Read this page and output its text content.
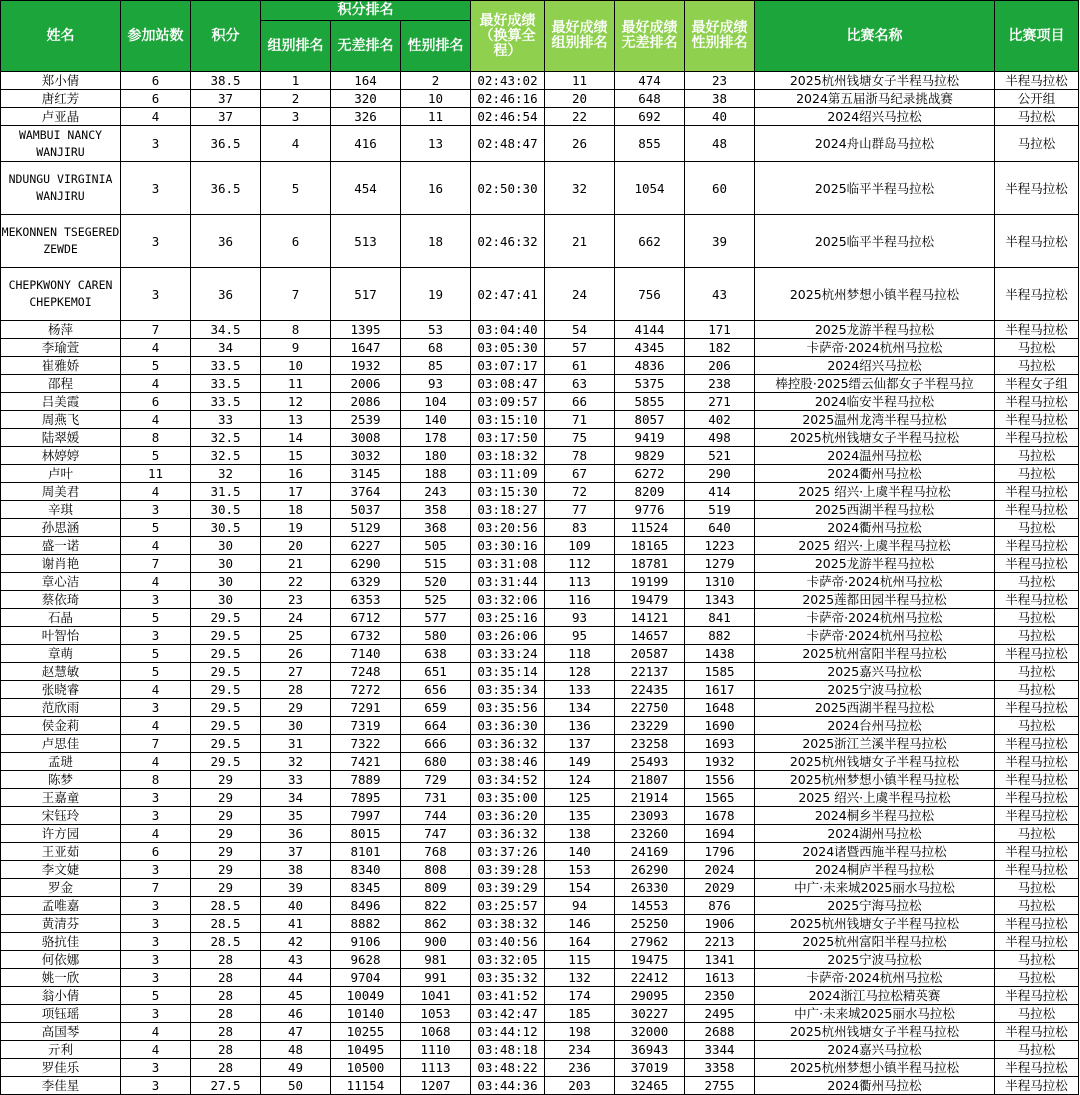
姓名	参加站数	积分	积分排名			最好成绩（换算全程）	最好成绩组别排名	最好成绩无差排名	最好成绩性别排名	比赛名称	比赛项目
			组别排名	无差排名	性别排名						
郑小倩	6	38.5	1	164	2	02:43:02	11	474	23	2025杭州钱塘女子半程马拉松	半程马拉松
唐红芳	6	37	2	320	10	02:46:16	20	648	38	2024第五届浙马纪录挑战赛	公开组
卢亚晶	4	37	3	326	11	02:46:54	22	692	40	2024绍兴马拉松	马拉松
WAMBUI NANCY WANJIRU	3	36.5	4	416	13	02:48:47	26	855	48	2024舟山群岛马拉松	马拉松
NDUNGU VIRGINIA WANJIRU	3	36.5	5	454	16	02:50:30	32	1054	60	2025临平半程马拉松	半程马拉松
MEKONNEN TSEGERED ZEWDE	3	36	6	513	18	02:46:32	21	662	39	2025临平半程马拉松	半程马拉松
CHEPKWONY CAREN CHEPKEMOI	3	36	7	517	19	02:47:41	24	756	43	2025杭州梦想小镇半程马拉松	半程马拉松
杨萍	7	34.5	8	1395	53	03:04:40	54	4144	171	2025龙游半程马拉松	半程马拉松
李瑜萱	4	34	9	1647	68	03:05:30	57	4345	182	卡萨帝·2024杭州马拉松	马拉松
崔雅娇	5	33.5	10	1932	85	03:07:17	61	4836	206	2024绍兴马拉松	马拉松
邵程	4	33.5	11	2006	93	03:08:47	63	5375	238	棒控股·2025缙云仙都女子半程马拉	半程女子组
吕美霞	6	33.5	12	2086	104	03:09:57	66	5855	271	2024临安半程马拉松	半程马拉松
周燕飞	4	33	13	2539	140	03:15:10	71	8057	402	2025温州龙湾半程马拉松	半程马拉松
陆翠媛	8	32.5	14	3008	178	03:17:50	75	9419	498	2025杭州钱塘女子半程马拉松	半程马拉松
林婷婷	5	32.5	15	3032	180	03:18:32	78	9829	521	2024温州马拉松	马拉松
卢叶	11	32	16	3145	188	03:11:09	67	6272	290	2024衢州马拉松	马拉松
周美君	4	31.5	17	3764	243	03:15:30	72	8209	414	2025 绍兴·上虞半程马拉松	半程马拉松
辛琪	3	30.5	18	5037	358	03:18:27	77	9776	519	2025西湖半程马拉松	半程马拉松
孙思涵	5	30.5	19	5129	368	03:20:56	83	11524	640	2024衢州马拉松	马拉松
盛一诺	4	30	20	6227	505	03:30:16	109	18165	1223	2025 绍兴·上虞半程马拉松	半程马拉松
谢肖艳	7	30	21	6290	515	03:31:08	112	18781	1279	2025龙游半程马拉松	半程马拉松
章心洁	4	30	22	6329	520	03:31:44	113	19199	1310	卡萨帝·2024杭州马拉松	马拉松
蔡依琦	3	30	23	6353	525	03:32:06	116	19479	1343	2025莲都田园半程马拉松	半程马拉松
石晶	5	29.5	24	6712	577	03:25:16	93	14121	841	卡萨帝·2024杭州马拉松	马拉松
叶智怡	3	29.5	25	6732	580	03:26:06	95	14657	882	卡萨帝·2024杭州马拉松	马拉松
章萌	5	29.5	26	7140	638	03:33:24	118	20587	1438	2025杭州富阳半程马拉松	半程马拉松
赵慧敏	5	29.5	27	7248	651	03:35:14	128	22137	1585	2025嘉兴马拉松	马拉松
张晓睿	4	29.5	28	7272	656	03:35:34	133	22435	1617	2025宁波马拉松	马拉松
范欣雨	3	29.5	29	7291	659	03:35:56	134	22750	1648	2025西湖半程马拉松	半程马拉松
侯金莉	4	29.5	30	7319	664	03:36:30	136	23229	1690	2024台州马拉松	马拉松
卢思佳	7	29.5	31	7322	666	03:36:32	137	23258	1693	2025浙江兰溪半程马拉松	半程马拉松
孟琎	4	29.5	32	7421	680	03:38:46	149	25493	1932	2025杭州钱塘女子半程马拉松	半程马拉松
陈梦	8	29	33	7889	729	03:34:52	124	21807	1556	2025杭州梦想小镇半程马拉松	半程马拉松
王嘉童	3	29	34	7895	731	03:35:00	125	21914	1565	2025 绍兴·上虞半程马拉松	半程马拉松
宋钰玲	3	29	35	7997	744	03:36:20	135	23093	1678	2024桐乡半程马拉松	半程马拉松
许方园	4	29	36	8015	747	03:36:32	138	23260	1694	2024湖州马拉松	马拉松
王亚茹	6	29	37	8101	768	03:37:26	140	24169	1796	2024诸暨西施半程马拉松	半程马拉松
李文婕	3	29	38	8340	808	03:39:28	153	26290	2024	2024桐庐半程马拉松	半程马拉松
罗金	7	29	39	8345	809	03:39:29	154	26330	2029	中广·未来城2025丽水马拉松	马拉松
孟唯嘉	3	28.5	40	8496	822	03:25:57	94	14553	876	2025宁海马拉松	马拉松
黄清芬	3	28.5	41	8882	862	03:38:32	146	25250	1906	2025杭州钱塘女子半程马拉松	半程马拉松
骆抗佳	3	28.5	42	9106	900	03:40:56	164	27962	2213	2025杭州富阳半程马拉松	半程马拉松
何依娜	3	28	43	9628	981	03:32:05	115	19475	1341	2025宁波马拉松	马拉松
姚一欣	3	28	44	9704	991	03:35:32	132	22412	1613	卡萨帝·2024杭州马拉松	马拉松
翁小倩	5	28	45	10049	1041	03:41:52	174	29095	2350	2024浙江马拉松精英赛	半程马拉松
项钰瑶	3	28	46	10140	1053	03:42:47	185	30227	2495	中广·未来城2025丽水马拉松	马拉松
高国琴	4	28	47	10255	1068	03:44:12	198	32000	2688	2025杭州钱塘女子半程马拉松	半程马拉松
亓利	4	28	48	10495	1110	03:48:18	234	36943	3344	2024嘉兴马拉松	马拉松
罗佳乐	3	28	49	10500	1113	03:48:22	236	37019	3358	2025杭州梦想小镇半程马拉松	半程马拉松
李佳星	3	27.5	50	11154	1207	03:44:36	203	32465	2755	2024衢州马拉松	半程马拉松
